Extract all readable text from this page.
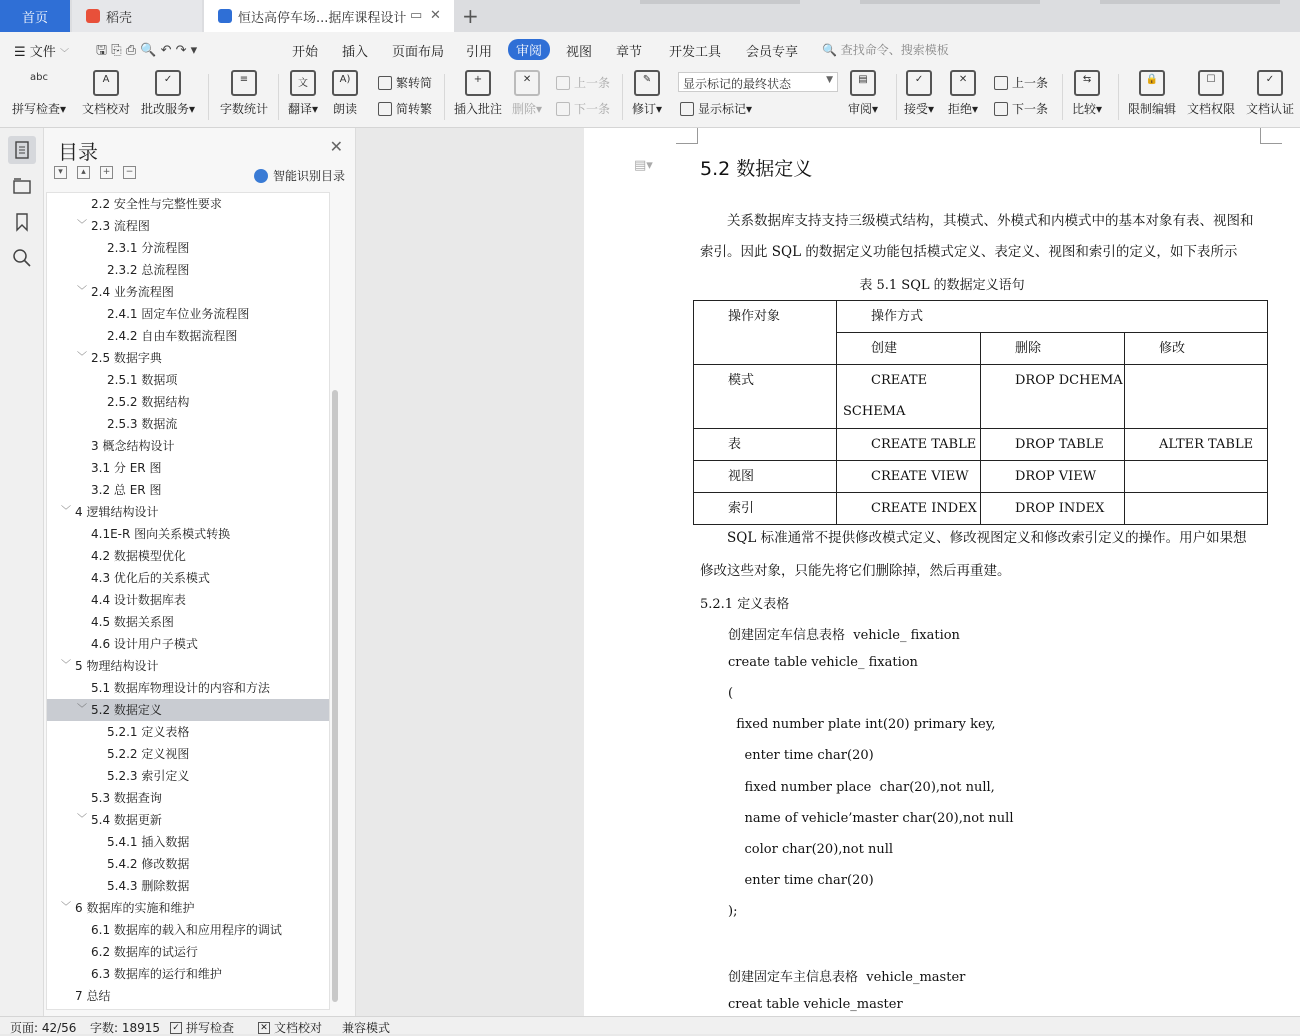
首页	稻壳	恒达高停车场...据库课程设计 ▭ ✕ +
☰ 文件 ﹀ 🖫 ⎘ ⎙ 🔍 ↶ ↷ ▾	开始 插入 页面布局 引用	审阅	视图 章节 开发工具 会员专享 🔍 查找命令、搜索模板
abc
拼写检查▾
A
文档校对
✓
批改服务▾
≡
字数统计
文
翻译▾
A)
朗读
繁转简
简转繁
+
插入批注
✕
删除▾
上一条
下一条
✎
修订▾
显示标记的最终状态	▼
显示标记 ▾
▤
审阅▾
✓
接受▾
✕
拒绝▾
上一条
下一条
⇆
比较▾
🔒
限制编辑
☐
文档权限
✓
文档认证
目录	✕
▾	▴	+	−	智能识别目录
2.2 安全性与完整性要求
﹀ 2.3 流程图
2.3.1 分流程图
2.3.2 总流程图
﹀ 2.4 业务流程图
2.4.1 固定车位业务流程图
2.4.2 自由车数据流程图
﹀ 2.5 数据字典
2.5.1 数据项
2.5.2 数据结构
2.5.3 数据流
3 概念结构设计
3.1 分 ER 图
3.2 总 ER 图
﹀ 4 逻辑结构设计
4.1E-R 图向关系模式转换
4.2 数据模型优化
4.3 优化后的关系模式
4.4 设计数据库表
4.5 数据关系图
4.6 设计用户子模式
﹀ 5 物理结构设计
5.1 数据库物理设计的内容和方法
﹀ 5.2 数据定义
5.2.1 定义表格
5.2.2 定义视图
5.2.3 索引定义
5.3 数据查询
﹀ 5.4 数据更新
5.4.1 插入数据
5.4.2 修改数据
5.4.3 删除数据
﹀ 6 数据库的实施和维护
6.1 数据库的载入和应用程序的调试
6.2 数据库的试运行
6.3 数据库的运行和维护
7 总结
▤▾ 5.2 数据定义
关系数据库支持支持三级模式结构，其模式、外模式和内模式中的基本对象有表、视图和索引。因此 SQL 的数据定义功能包括模式定义、表定义、视图和索引的定义，如下表所示
表 5.1 SQL 的数据定义语句
操作对象	操作方式		
	创建	删除	修改
模式	CREATE SCHEMA	DROP DCHEMA	
表	CREATE TABLE	DROP TABLE	ALTER TABLE
视图	CREATE VIEW	DROP VIEW	
索引	CREATE INDEX	DROP INDEX	
SQL 标准通常不提供修改模式定义、修改视图定义和修改索引定义的操作。用户如果想修改这些对象，只能先将它们删除掉，然后再重建。
5.2.1 定义表格
创建固定车信息表格  vehicle_ fixation
create table vehicle_ fixation
(
fixed number plate int(20) primary key,
enter time char(20)
fixed number place  char(20),not null,
name of vehicle’master char(20),not null
color char(20),not null
enter time char(20)
);
创建固定车主信息表格  vehicle_master
creat table vehicle_master
页面: 42/56 字数: 18915 ✓ 拼写检查	✕ 文档校对 兼容模式
